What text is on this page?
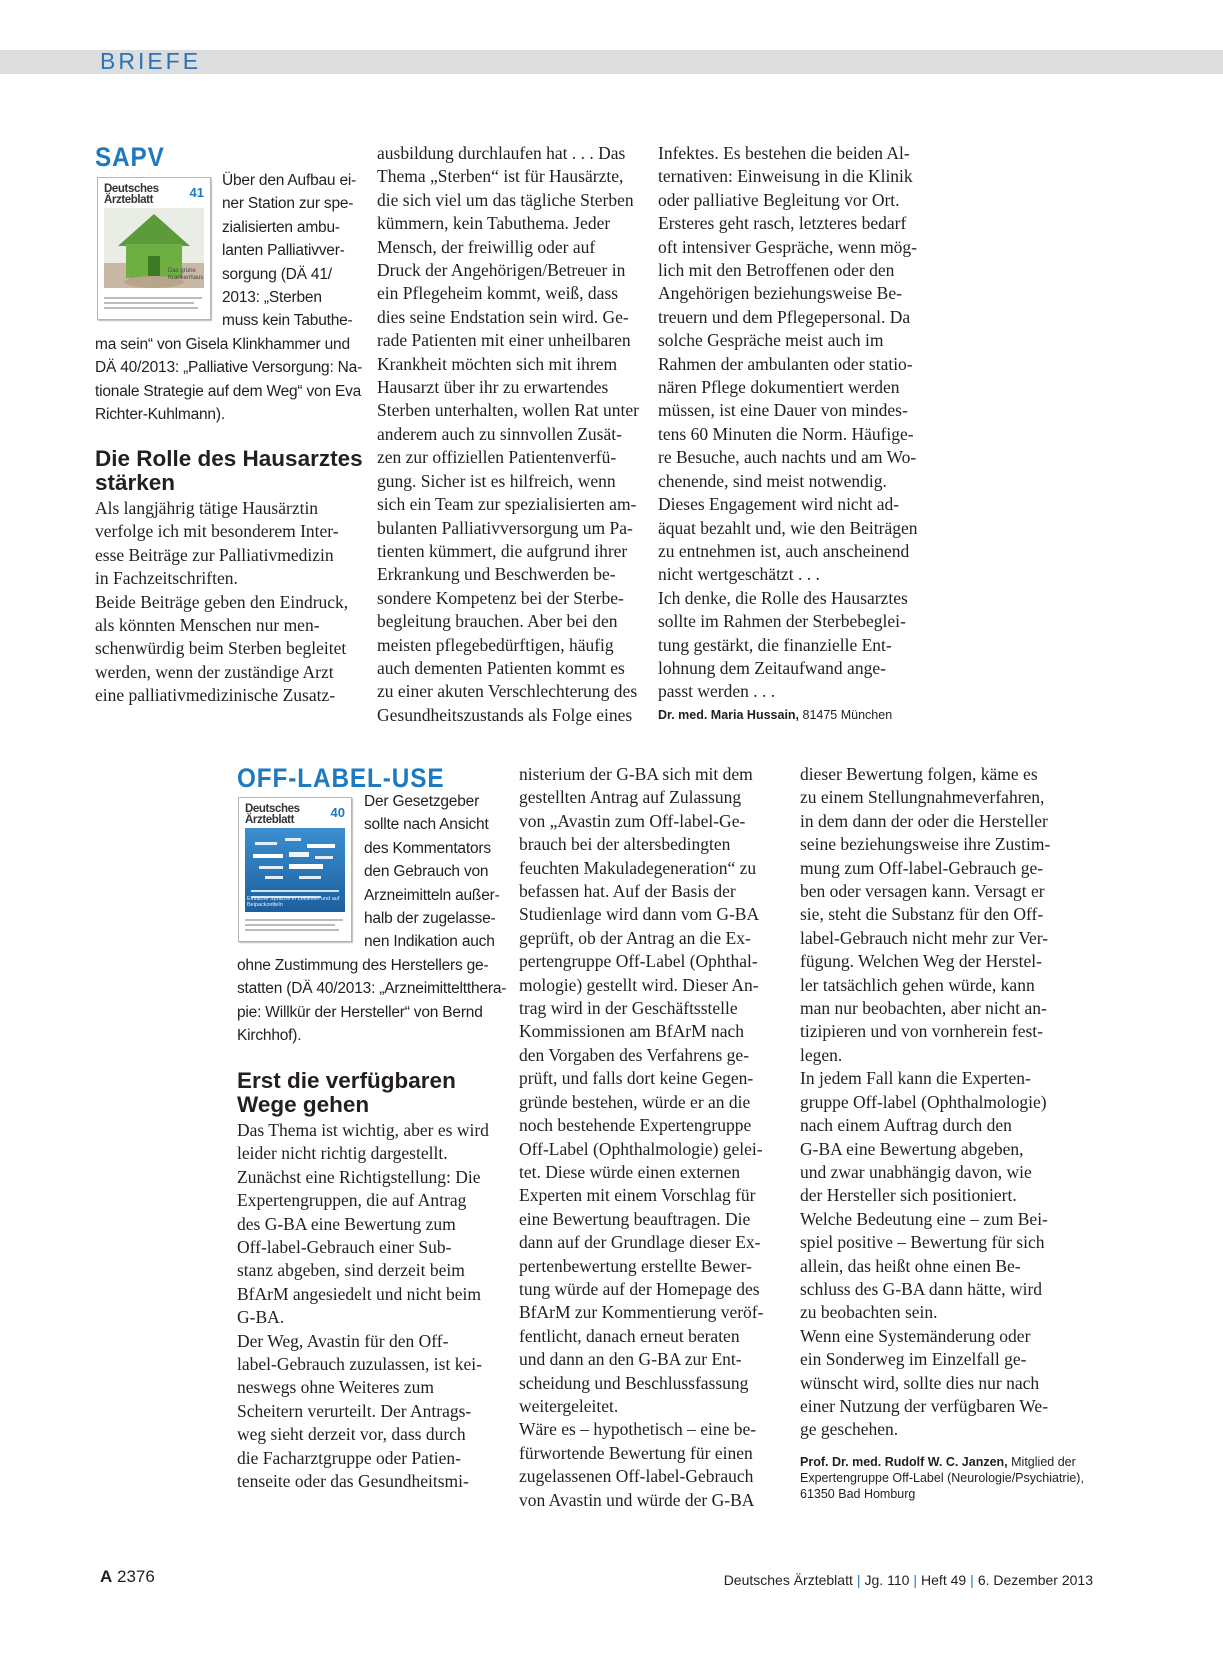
BRIEFE
SAPV
Deutsches
Ärzteblatt	41
Das grüne Krankenhaus
Über den Aufbau ei-
ner Station zur spe-
zialisierten ambu-
lanten Palliativver-
sorgung (DÄ 41/
2013: „Sterben
muss kein Tabuthe-
ma sein“ von Gisela Klinkhammer und
DÄ 40/2013: „Palliative Versorgung: Na-
tionale Strategie auf dem Weg“ von Eva
Richter-Kuhlmann).
Die Rolle des Hausarztes
stärken
Als langjährig tätige Hausärztin
verfolge ich mit besonderem Inter-
esse Beiträge zur Palliativmedizin
in Fachzeitschriften.
Beide Beiträge geben den Eindruck,
als könnten Menschen nur men-
schenwürdig beim Sterben begleitet
werden, wenn der zuständige Arzt
eine palliativmedizinische Zusatz-
ausbildung durchlaufen hat . . . Das
Thema „Sterben“ ist für Hausärzte,
die sich viel um das tägliche Sterben
kümmern, kein Tabuthema. Jeder
Mensch, der freiwillig oder auf
Druck der Angehörigen/Betreuer in
ein Pflegeheim kommt, weiß, dass
dies seine Endstation sein wird. Ge-
rade Patienten mit einer unheilbaren
Krankheit möchten sich mit ihrem
Hausarzt über ihr zu erwartendes
Sterben unterhalten, wollen Rat unter
anderem auch zu sinnvollen Zusät-
zen zur offiziellen Patientenverfü-
gung. Sicher ist es hilfreich, wenn
sich ein Team zur spezialisierten am-
bulanten Palliativversorgung um Pa-
tienten kümmert, die aufgrund ihrer
Erkrankung und Beschwerden be-
sondere Kompetenz bei der Sterbe-
begleitung brauchen. Aber bei den
meisten pflegebedürftigen, häufig
auch dementen Patienten kommt es
zu einer akuten Verschlechterung des
Gesundheitszustands als Folge eines
Infektes. Es bestehen die beiden Al-
ternativen: Einweisung in die Klinik
oder palliative Begleitung vor Ort.
Ersteres geht rasch, letzteres bedarf
oft intensiver Gespräche, wenn mög-
lich mit den Betroffenen oder den
Angehörigen beziehungsweise Be-
treuern und dem Pflegepersonal. Da
solche Gespräche meist auch im
Rahmen der ambulanten oder statio-
nären Pflege dokumentiert werden
müssen, ist eine Dauer von mindes-
tens 60 Minuten die Norm. Häufige-
re Besuche, auch nachts und am Wo-
chenende, sind meist notwendig.
Dieses Engagement wird nicht ad-
äquat bezahlt und, wie den Beiträgen
zu entnehmen ist, auch anscheinend
nicht wertgeschätzt . . .
Ich denke, die Rolle des Hausarztes
sollte im Rahmen der Sterbebeglei-
tung gestärkt, die finanzielle Ent-
lohnung dem Zeitaufwand ange-
passt werden . . .
Dr. med. Maria Hussain, 81475 München
OFF-LABEL-USE
Deutsches
Ärzteblatt	40
Einfache Sprache in Leitlinien und auf Beipackzetteln
Der Gesetzgeber
sollte nach Ansicht
des Kommentators
den Gebrauch von
Arzneimitteln außer-
halb der zugelasse-
nen Indikation auch
ohne Zustimmung des Herstellers ge-
statten (DÄ 40/2013: „Arzneimitteltthera-
pie: Willkür der Hersteller“ von Bernd
Kirchhof).
Erst die verfügbaren
Wege gehen
Das Thema ist wichtig, aber es wird
leider nicht richtig dargestellt.
Zunächst eine Richtigstellung: Die
Expertengruppen, die auf Antrag
des G-BA eine Bewertung zum
Off-label-Gebrauch einer Sub-
stanz abgeben, sind derzeit beim
BfArM angesiedelt und nicht beim
G-BA.
Der Weg, Avastin für den Off-
label-Gebrauch zuzulassen, ist kei-
neswegs ohne Weiteres zum
Scheitern verurteilt. Der Antrags-
weg sieht derzeit vor, dass durch
die Facharztgruppe oder Patien-
tenseite oder das Gesundheitsmi-
nisterium der G-BA sich mit dem
gestellten Antrag auf Zulassung
von „Avastin zum Off-label-Ge-
brauch bei der altersbedingten
feuchten Makuladegeneration“ zu
befassen hat. Auf der Basis der
Studienlage wird dann vom G-BA
geprüft, ob der Antrag an die Ex-
pertengruppe Off-Label (Ophthal-
mologie) gestellt wird. Dieser An-
trag wird in der Geschäftsstelle
Kommissionen am BfArM nach
den Vorgaben des Verfahrens ge-
prüft, und falls dort keine Gegen-
gründe bestehen, würde er an die
noch bestehende Expertengruppe
Off-Label (Ophthalmologie) gelei-
tet. Diese würde einen externen
Experten mit einem Vorschlag für
eine Bewertung beauftragen. Die
dann auf der Grundlage dieser Ex-
pertenbewertung erstellte Bewer-
tung würde auf der Homepage des
BfArM zur Kommentierung veröf-
fentlicht, danach erneut beraten
und dann an den G-BA zur Ent-
scheidung und Beschlussfassung
weitergeleitet.
Wäre es – hypothetisch – eine be-
fürwortende Bewertung für einen
zugelassenen Off-label-Gebrauch
von Avastin und würde der G-BA
dieser Bewertung folgen, käme es
zu einem Stellungnahmeverfahren,
in dem dann der oder die Hersteller
seine beziehungsweise ihre Zustim-
mung zum Off-label-Gebrauch ge-
ben oder versagen kann. Versagt er
sie, steht die Substanz für den Off-
label-Gebrauch nicht mehr zur Ver-
fügung. Welchen Weg der Herstel-
ler tatsächlich gehen würde, kann
man nur beobachten, aber nicht an-
tizipieren und von vornherein fest-
legen.
In jedem Fall kann die Experten-
gruppe Off-label (Ophthalmologie)
nach einem Auftrag durch den
G-BA eine Bewertung abgeben,
und zwar unabhängig davon, wie
der Hersteller sich positioniert.
Welche Bedeutung eine – zum Bei-
spiel positive – Bewertung für sich
allein, das heißt ohne einen Be-
schluss des G-BA dann hätte, wird
zu beobachten sein.
Wenn eine Systemänderung oder
ein Sonderweg im Einzelfall ge-
wünscht wird, sollte dies nur nach
einer Nutzung der verfügbaren We-
ge geschehen.
Prof. Dr. med. Rudolf W. C. Janzen, Mitglied der
Expertengruppe Off-Label (Neurologie/Psychiatrie),
61350 Bad Homburg
A 2376	Deutsches Ärzteblatt | Jg. 110 | Heft 49 | 6. Dezember 2013
